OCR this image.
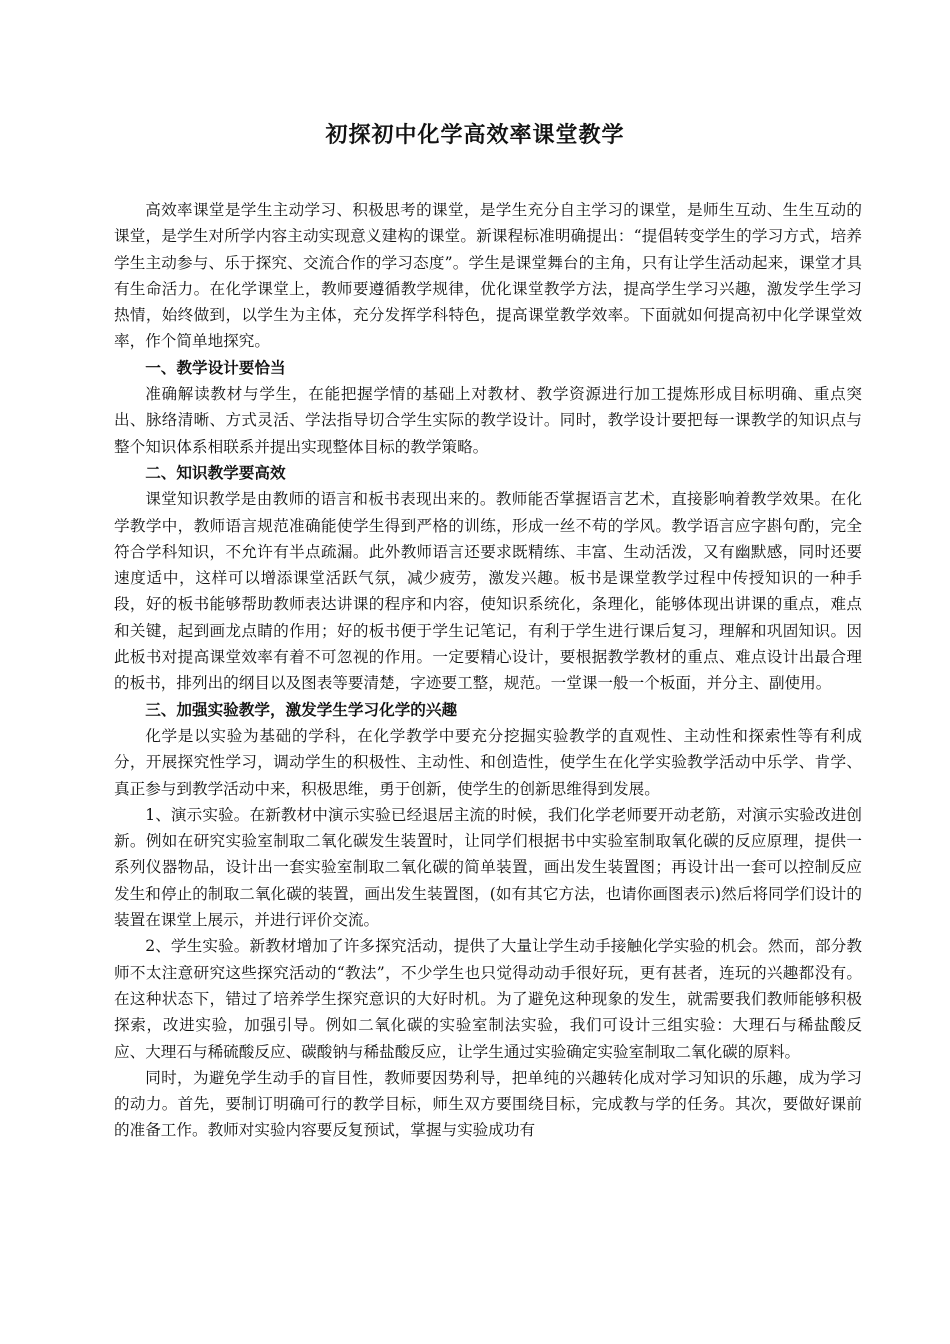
初探初中化学高效率课堂教学

高效率课堂是学生主动学习、积极思考的课堂，是学生充分自主学习的课堂，是师生互动、生生互动的课堂，是学生对所学内容主动实现意义建构的课堂。新课程标准明确提出：“提倡转变学生的学习方式，培养学生主动参与、乐于探究、交流合作的学习态度”。学生是课堂舞台的主角，只有让学生活动起来，课堂才具有生命活力。在化学课堂上，教师要遵循教学规律，优化课堂教学方法，提高学生学习兴趣，激发学生学习热情，始终做到，以学生为主体，充分发挥学科特色，提高课堂教学效率。下面就如何提高初中化学课堂效率，作个简单地探究。

一、教学设计要恰当

准确解读教材与学生，在能把握学情的基础上对教材、教学资源进行加工提炼形成目标明确、重点突出、脉络清晰、方式灵活、学法指导切合学生实际的教学设计。同时，教学设计要把每一课教学的知识点与整个知识体系相联系并提出实现整体目标的教学策略。

二、知识教学要高效

课堂知识教学是由教师的语言和板书表现出来的。教师能否掌握语言艺术，直接影响着教学效果。在化学教学中，教师语言规范准确能使学生得到严格的训练，形成一丝不苟的学风。教学语言应字斟句酌，完全符合学科知识，不允许有半点疏漏。此外教师语言还要求既精练、丰富、生动活泼，又有幽默感，同时还要速度适中，这样可以增添课堂活跃气氛，减少疲劳，激发兴趣。板书是课堂教学过程中传授知识的一种手段，好的板书能够帮助教师表达讲课的程序和内容，使知识系统化，条理化，能够体现出讲课的重点，难点和关键，起到画龙点睛的作用；好的板书便于学生记笔记，有利于学生进行课后复习，理解和巩固知识。因此板书对提高课堂效率有着不可忽视的作用。一定要精心设计，要根据教学教材的重点、难点设计出最合理的板书，排列出的纲目以及图表等要清楚，字迹要工整，规范。一堂课一般一个板面，并分主、副使用。

三、加强实验教学，激发学生学习化学的兴趣

化学是以实验为基础的学科，在化学教学中要充分挖掘实验教学的直观性、主动性和探索性等有利成分，开展探究性学习，调动学生的积极性、主动性、和创造性，使学生在化学实验教学活动中乐学、肯学、真正参与到教学活动中来，积极思维，勇于创新，使学生的创新思维得到发展。

1、演示实验。在新教材中演示实验已经退居主流的时候，我们化学老师要开动老筋，对演示实验改进创新。例如在研究实验室制取二氧化碳发生装置时，让同学们根据书中实验室制取氧化碳的反应原理，提供一系列仪器物品，设计出一套实验室制取二氧化碳的简单装置，画出发生装置图；再设计出一套可以控制反应发生和停止的制取二氧化碳的装置，画出发生装置图，(如有其它方法，也请你画图表示)然后将同学们设计的装置在课堂上展示，并进行评价交流。

2、学生实验。新教材增加了许多探究活动，提供了大量让学生动手接触化学实验的机会。然而，部分教师不太注意研究这些探究活动的“教法”，不少学生也只觉得动动手很好玩，更有甚者，连玩的兴趣都没有。在这种状态下，错过了培养学生探究意识的大好时机。为了避免这种现象的发生，就需要我们教师能够积极探索，改进实验，加强引导。例如二氧化碳的实验室制法实验，我们可设计三组实验：大理石与稀盐酸反应、大理石与稀硫酸反应、碳酸钠与稀盐酸反应，让学生通过实验确定实验室制取二氧化碳的原料。

同时，为避免学生动手的盲目性，教师要因势利导，把单纯的兴趣转化成对学习知识的乐趣，成为学习的动力。首先，要制订明确可行的教学目标，师生双方要围绕目标，完成教与学的任务。其次，要做好课前的准备工作。教师对实验内容要反复预试，掌握与实验成功有
